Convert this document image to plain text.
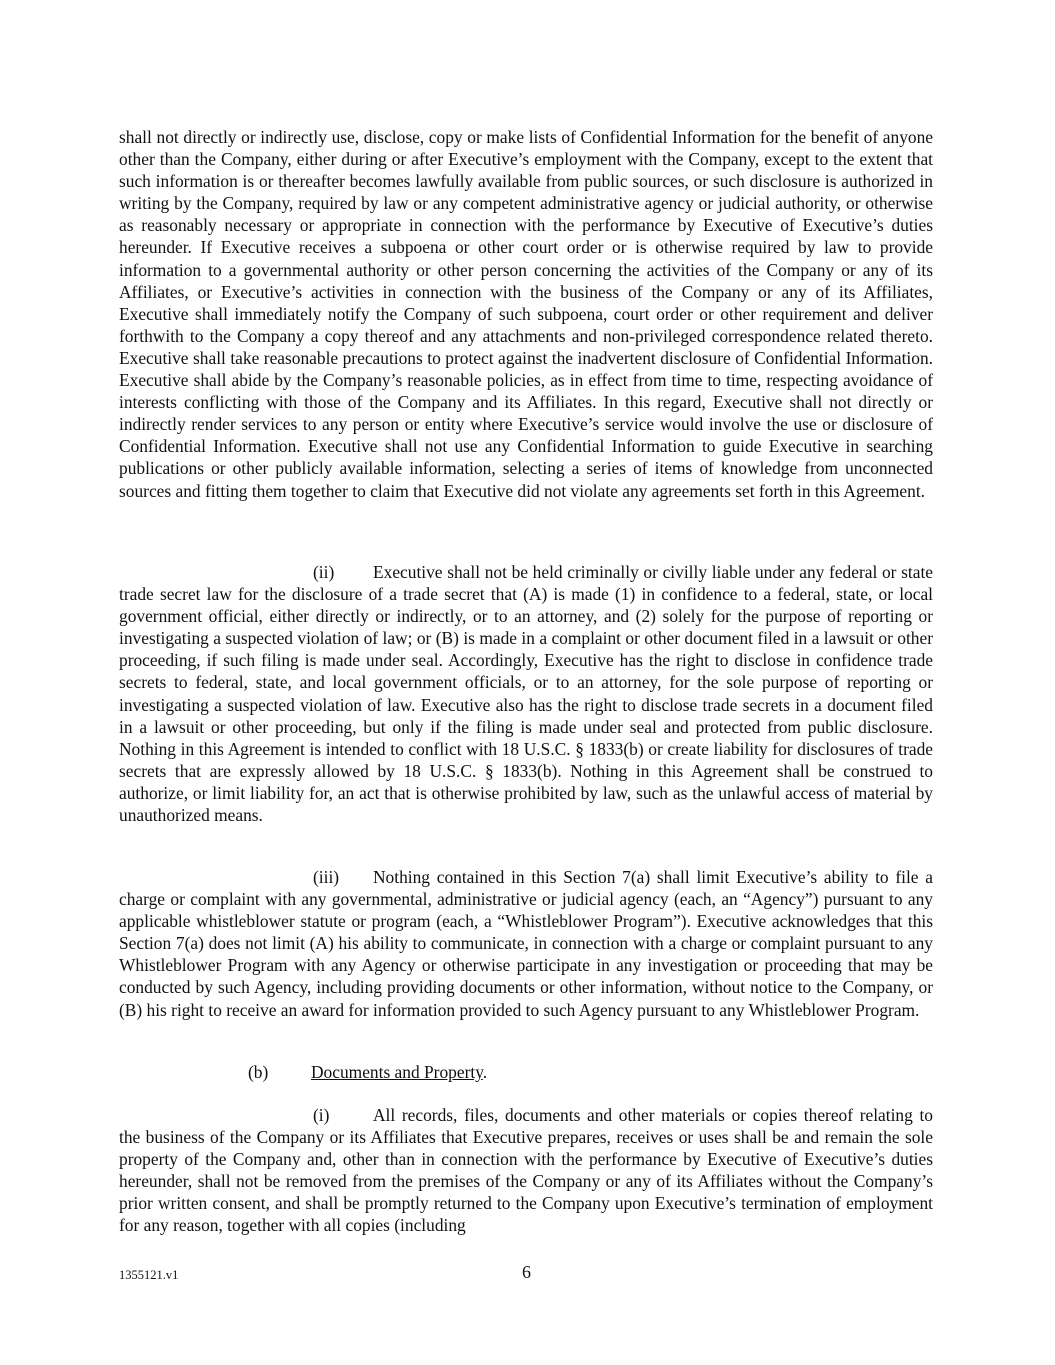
shall not directly or indirectly use, disclose, copy or make lists of Confidential Information for the benefit of anyone other than the Company, either during or after Executive’s employment with the Company, except to the extent that such information is or thereafter becomes lawfully available from public sources, or such disclosure is authorized in writing by the Company, required by law or any competent administrative agency or judicial authority, or otherwise as reasonably necessary or appropriate in connection with the performance by Executive of Executive’s duties hereunder. If Executive receives a subpoena or other court order or is otherwise required by law to provide information to a governmental authority or other person concerning the activities of the Company or any of its Affiliates, or Executive’s activities in connection with the business of the Company or any of its Affiliates, Executive shall immediately notify the Company of such subpoena, court order or other requirement and deliver forthwith to the Company a copy thereof and any attachments and non-privileged correspondence related thereto. Executive shall take reasonable precautions to protect against the inadvertent disclosure of Confidential Information. Executive shall abide by the Company’s reasonable policies, as in effect from time to time, respecting avoidance of interests conflicting with those of the Company and its Affiliates. In this regard, Executive shall not directly or indirectly render services to any person or entity where Executive’s service would involve the use or disclosure of Confidential Information. Executive shall not use any Confidential Information to guide Executive in searching publications or other publicly available information, selecting a series of items of knowledge from unconnected sources and fitting them together to claim that Executive did not violate any agreements set forth in this Agreement.

(ii) Executive shall not be held criminally or civilly liable under any federal or state trade secret law for the disclosure of a trade secret that (A) is made (1) in confidence to a federal, state, or local government official, either directly or indirectly, or to an attorney, and (2) solely for the purpose of reporting or investigating a suspected violation of law; or (B) is made in a complaint or other document filed in a lawsuit or other proceeding, if such filing is made under seal. Accordingly, Executive has the right to disclose in confidence trade secrets to federal, state, and local government officials, or to an attorney, for the sole purpose of reporting or investigating a suspected violation of law. Executive also has the right to disclose trade secrets in a document filed in a lawsuit or other proceeding, but only if the filing is made under seal and protected from public disclosure. Nothing in this Agreement is intended to conflict with 18 U.S.C. § 1833(b) or create liability for disclosures of trade secrets that are expressly allowed by 18 U.S.C. § 1833(b). Nothing in this Agreement shall be construed to authorize, or limit liability for, an act that is otherwise prohibited by law, such as the unlawful access of material by unauthorized means.

(iii) Nothing contained in this Section 7(a) shall limit Executive’s ability to file a charge or complaint with any governmental, administrative or judicial agency (each, an “Agency”) pursuant to any applicable whistleblower statute or program (each, a “Whistleblower Program”). Executive acknowledges that this Section 7(a) does not limit (A) his ability to communicate, in connection with a charge or complaint pursuant to any Whistleblower Program with any Agency or otherwise participate in any investigation or proceeding that may be conducted by such Agency, including providing documents or other information, without notice to the Company, or (B) his right to receive an award for information provided to such Agency pursuant to any Whistleblower Program.

(b) Documents and Property.

(i)	All records, files, documents and other materials or copies thereof relating to the business of the Company or its Affiliates that Executive prepares, receives or uses shall be and remain the sole property of the Company and, other than in connection with the performance by Executive of Executive’s duties hereunder, shall not be removed from the premises of the Company or any of its Affiliates without the Company’s prior written consent, and shall be promptly returned to the Company upon Executive’s termination of employment for any reason, together with all copies (including

1355121.v1	6
